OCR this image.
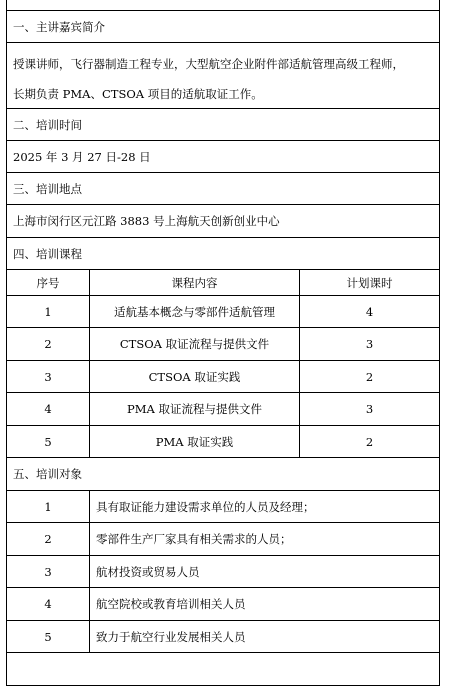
一、主讲嘉宾简介
授课讲师，飞行器制造工程专业，大型航空企业附件部适航管理高级工程师，
长期负责 PMA、CTSOA 项目的适航取证工作。
二、培训时间
2025 年 3 月 27 日-28 日
三、培训地点
上海市闵行区元江路 3883 号上海航天创新创业中心
四、培训课程
序号	课程内容	计划课时
1	适航基本概念与零部件适航管理	4
2	CTSOA 取证流程与提供文件	3
3	CTSOA 取证实践	2
4	PMA 取证流程与提供文件	3
5	PMA 取证实践	2
五、培训对象
1	具有取证能力建设需求单位的人员及经理；
2	零部件生产厂家具有相关需求的人员；
3	航材投资或贸易人员
4	航空院校或教育培训相关人员
5	致力于航空行业发展相关人员
